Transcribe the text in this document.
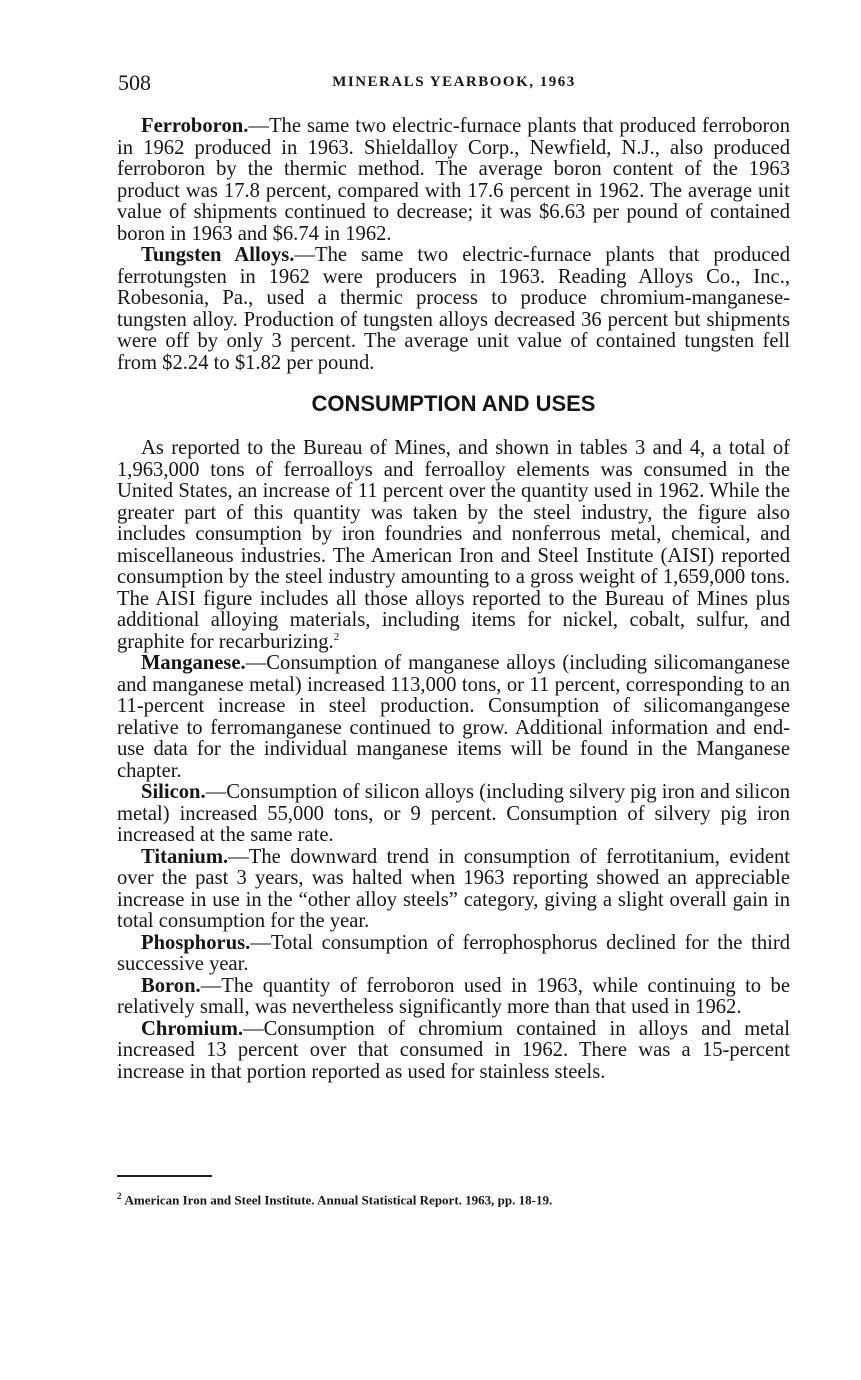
508	MINERALS YEARBOOK, 1963

Ferroboron.—The same two electric-furnace plants that produced ferroboron in 1962 produced in 1963. Shieldalloy Corp., Newfield, N.J., also produced ferroboron by the thermic method. The average boron content of the 1963 product was 17.8 percent, compared with 17.6 percent in 1962. The average unit value of shipments continued to decrease; it was $6.63 per pound of contained boron in 1963 and $6.74 in 1962.

Tungsten Alloys.—The same two electric-furnace plants that produced ferrotungsten in 1962 were producers in 1963. Reading Alloys Co., Inc., Robesonia, Pa., used a thermic process to produce chromium-manganese-tungsten alloy. Production of tungsten alloys decreased 36 percent but shipments were off by only 3 percent. The average unit value of contained tungsten fell from $2.24 to $1.82 per pound.

CONSUMPTION AND USES

As reported to the Bureau of Mines, and shown in tables 3 and 4, a total of 1,963,000 tons of ferroalloys and ferroalloy elements was consumed in the United States, an increase of 11 percent over the quantity used in 1962. While the greater part of this quantity was taken by the steel industry, the figure also includes consumption by iron foundries and nonferrous metal, chemical, and miscellaneous industries. The American Iron and Steel Institute (AISI) reported consumption by the steel industry amounting to a gross weight of 1,659,000 tons. The AISI figure includes all those alloys reported to the Bureau of Mines plus additional alloying materials, including items for nickel, cobalt, sulfur, and graphite for recarburizing.$^2$

Manganese.—Consumption of manganese alloys (including silicomanganese and manganese metal) increased 113,000 tons, or 11 percent, corresponding to an 11-percent increase in steel production. Consumption of silicomangangese relative to ferromanganese continued to grow. Additional information and end-use data for the individual manganese items will be found in the Manganese chapter.

Silicon.—Consumption of silicon alloys (including silvery pig iron and silicon metal) increased 55,000 tons, or 9 percent. Consumption of silvery pig iron increased at the same rate.

Titanium.—The downward trend in consumption of ferrotitanium, evident over the past 3 years, was halted when 1963 reporting showed an appreciable increase in use in the “other alloy steels” category, giving a slight overall gain in total consumption for the year.

Phosphorus.—Total consumption of ferrophosphorus declined for the third successive year.

Boron.—The quantity of ferroboron used in 1963, while continuing to be relatively small, was nevertheless significantly more than that used in 1962.

Chromium.—Consumption of chromium contained in alloys and metal increased 13 percent over that consumed in 1962. There was a 15-percent increase in that portion reported as used for stainless steels.

$^2$ American Iron and Steel Institute. Annual Statistical Report. 1963, pp. 18-19.
